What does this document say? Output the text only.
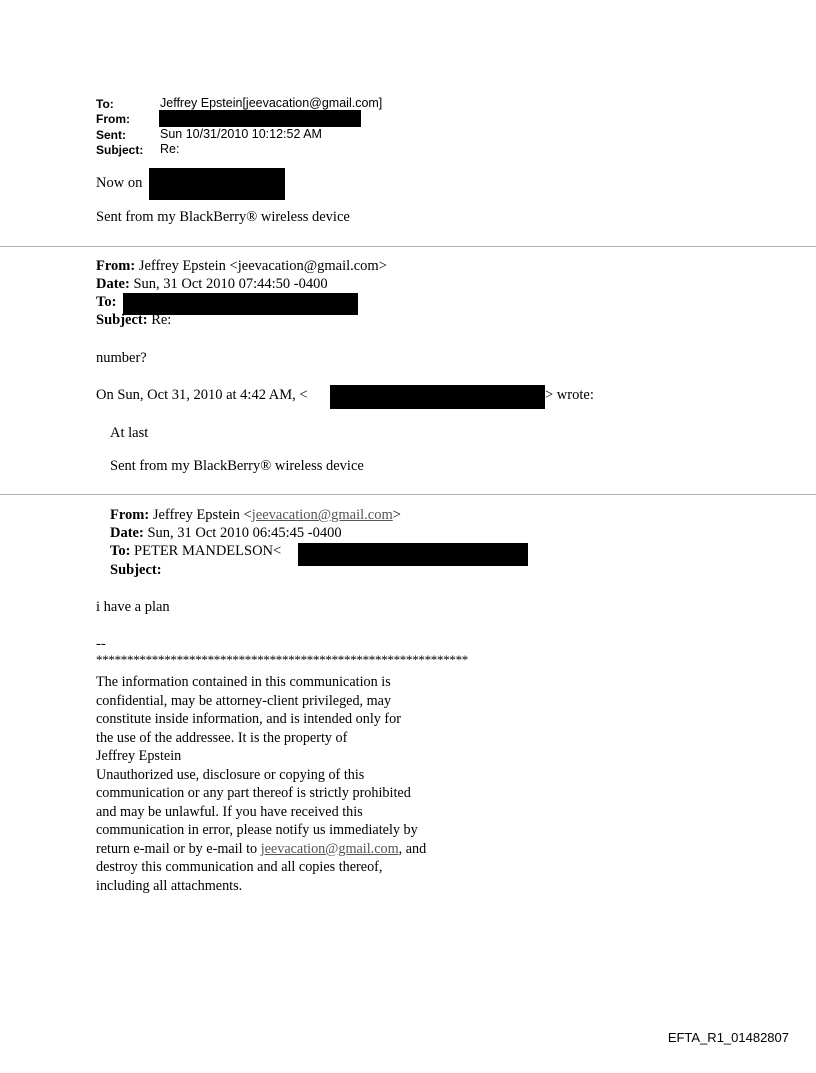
To:	Jeffrey Epstein[jeevacation@gmail.com]
From:
Sent:	Sun 10/31/2010 10:12:52 AM
Subject: Re:
Now on
Sent from my BlackBerry® wireless device
From: Jeffrey Epstein <jeevacation@gmail.com>
Date: Sun, 31 Oct 2010 07:44:50 -0400
To:
Subject: Re:
number?
On Sun, Oct 31, 2010 at 4:42 AM, <	> wrote:
At last
Sent from my BlackBerry® wireless device
From: Jeffrey Epstein <jeevacation@gmail.com>
Date: Sun, 31 Oct 2010 06:45:45 -0400
To: PETER MANDELSON<
Subject:
i have a plan
--
************************************************************
The information contained in this communication is
confidential, may be attorney-client privileged, may
constitute inside information, and is intended only for
the use of the addressee. It is the property of
Jeffrey Epstein
Unauthorized use, disclosure or copying of this
communication or any part thereof is strictly prohibited
and may be unlawful. If you have received this
communication in error, please notify us immediately by
return e-mail or by e-mail to jeevacation@gmail.com, and
destroy this communication and all copies thereof,
including all attachments.
EFTA_R1_01482807
